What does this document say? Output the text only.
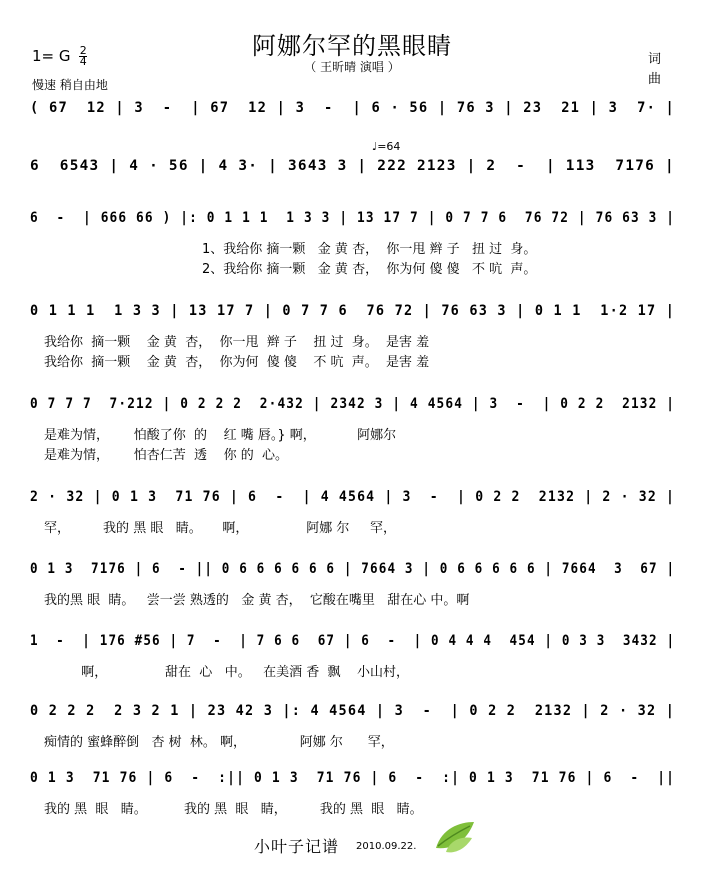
阿娜尔罕的黑眼睛
（ 王昕晴 演唱 ）
1= G $\frac{2}{4}$
慢速 稍自由地
词
曲
♩=64
( 67  12 | 3  -  | 67  12 | 3  -  | 6 · 56 | 76 3 | 23  21 | 3  7· |
6  6543 | 4 · 56 | 4 3· | 3643 3 | 222 2123 | 2  -  | 113  7176 |
6  -  | 666 66 ) |: 0 1 1 1  1 3 3 | 13 17 7 | 0 7 7 6  76 72 | 76 63 3 |
1、我给你 摘一颗   金 黄 杏，  你一甩 辫 子   扭 过  身。
2、我给你 摘一颗   金 黄 杏，  你为何 傻 傻   不 吭  声。
0 1 1 1  1 3 3 | 13 17 7 | 0 7 7 6  76 72 | 76 63 3 | 0 1 1  1·2 17 |
我给你  摘一颗    金 黄  杏，  你一甩  辫 子    扭 过  身。  是害 羞
我给你  摘一颗    金 黄  杏，  你为何  傻 傻    不 吭  声。  是害 羞
0 7 7 7  7·212 | 0 2 2 2  2·432 | 2342 3 | 4 4564 | 3  -  | 0 2 2  2132 |
是难为情，      怕酸了你  的    红 嘴 唇。} 啊，          阿娜尔
是难为情，      怕杏仁苦  透    你 的  心。
2 · 32 | 0 1 3  71 76 | 6  -  | 4 4564 | 3  -  | 0 2 2  2132 | 2 · 32 |
罕，        我的 黑 眼   睛。     啊，              阿娜 尔     罕，
0 1 3  7176 | 6  - || 0 6 6 6 6 6 6 | 7664 3 | 0 6 6 6 6 6 | 7664  3  67 |
我的黑 眼  睛。   尝一尝 熟透的   金 黄 杏，  它酸在嘴里   甜在心 中。啊
1  -  | 176 #56 | 7  -  | 7 6 6  67 | 6  -  | 0 4 4 4  454 | 0 3 3  3432 |
啊，              甜在  心   中。   在美酒 香  飘    小山村，
0 2 2 2  2 3 2 1 | 23 42 3 |: 4 4564 | 3  -  | 0 2 2  2132 | 2 · 32 |
痴情的 蜜蜂醉倒   杏 树  林。 啊，             阿娜 尔      罕，
0 1 3  71 76 | 6  -  :|| 0 1 3  71 76 | 6  -  :| 0 1 3  71 76 | 6  -  ||
我的 黑  眼   睛。         我的 黑  眼   睛，        我的 黑  眼   睛。
小叶子记谱 2010.09.22.
